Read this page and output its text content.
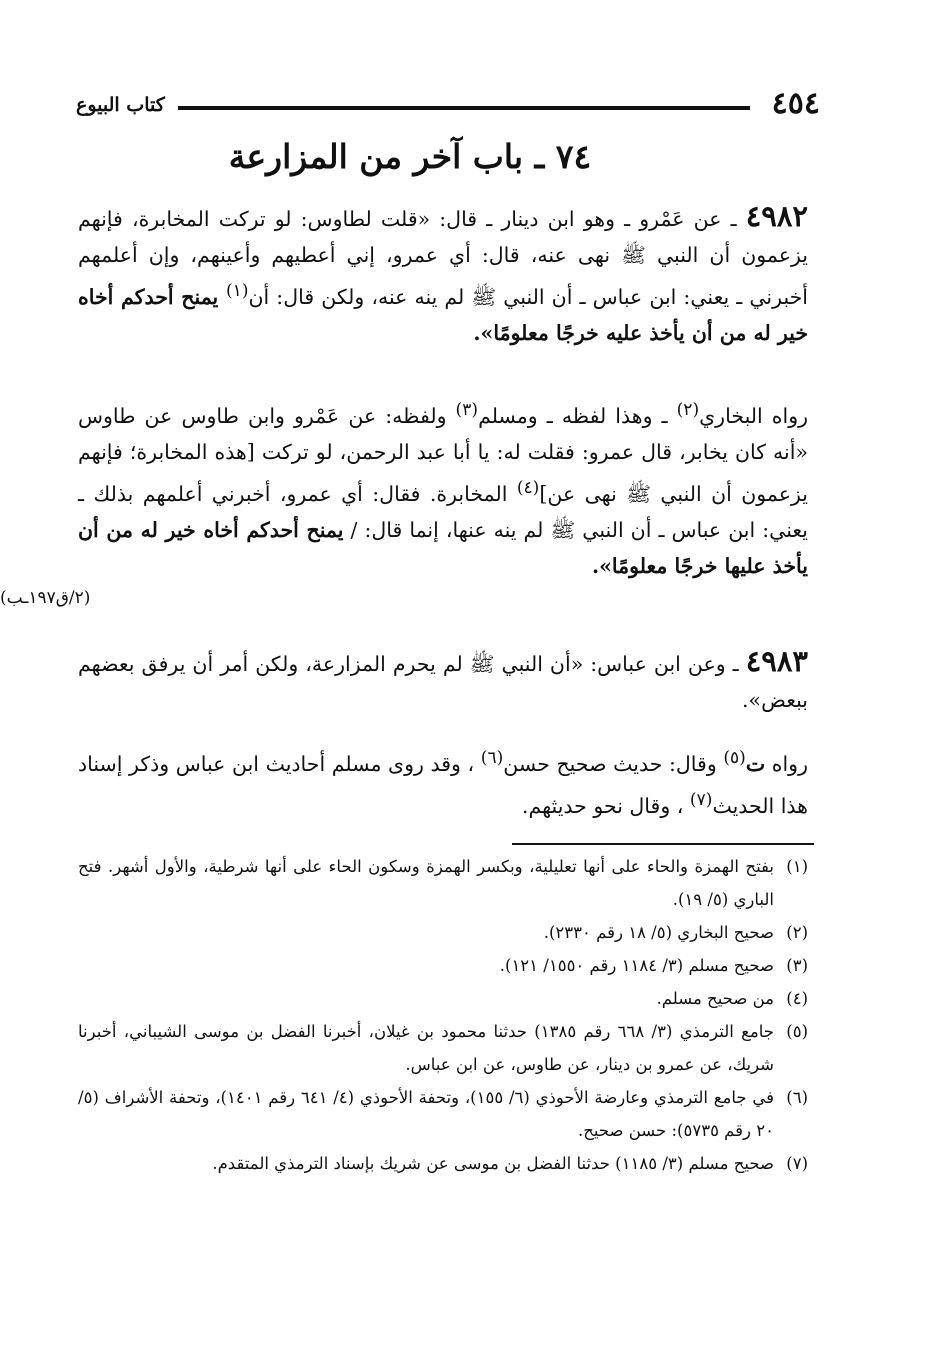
٤٥٤
كتاب البيوع
٧٤ ـ باب آخر من المزارعة
٤٩٨٢ ـ عن عَمْرو ـ وهو ابن دينار ـ قال: «قلت لطاوس: لو تركت المخابرة، فإنهم يزعمون أن النبي ﷺ نهى عنه، قال: أي عمرو، إني أعطيهم وأعينهم، وإن أعلمهم أخبرني ـ يعني: ابن عباس ـ أن النبي ﷺ لم ينه عنه، ولكن قال: أن$^{(١)}$ يمنح أحدكم أخاه خير له من أن يأخذ عليه خرجًا معلومًا».
رواه البخاري$^{(٢)}$ ـ وهذا لفظه ـ ومسلم$^{(٣)}$ ولفظه: عن عَمْرو وابن طاوس عن طاوس «أنه كان يخابر، قال عمرو: فقلت له: يا أبا عبد الرحمن، لو تركت [هذه المخابرة؛ فإنهم يزعمون أن النبي ﷺ نهى عن]$^{(٤)}$ المخابرة. فقال: أي عمرو، أخبرني أعلمهم بذلك ـ يعني: ابن عباس ـ أن النبي ﷺ لم ينه عنها، إنما قال: / يمنح أحدكم أخاه خير له من أن يأخذ عليها خرجًا معلومًا».
(٢/ق١٩٧ـب)
٤٩٨٣ ـ وعن ابن عباس: «أن النبي ﷺ لم يحرم المزارعة، ولكن أمر أن يرفق بعضهم ببعض».
رواه ت$^{(٥)}$ وقال: حديث صحيح حسن$^{(٦)}$ ، وقد روى مسلم أحاديث ابن عباس وذكر إسناد هذا الحديث$^{(٧)}$ ، وقال نحو حديثهم.
(١)
بفتح الهمزة والحاء على أنها تعليلية، وبكسر الهمزة وسكون الحاء على أنها شرطية، والأول أشهر. فتح الباري (٥/ ١٩).
(٢)
صحيح البخاري (٥/ ١٨ رقم ٢٣٣٠).
(٣)
صحيح مسلم (٣/ ١١٨٤ رقم ١٥٥٠/ ١٢١).
(٤)
من صحيح مسلم.
(٥)
جامع الترمذي (٣/ ٦٦٨ رقم ١٣٨٥) حدثنا محمود بن غيلان، أخبرنا الفضل بن موسى الشيباني، أخبرنا شريك، عن عمرو بن دينار، عن طاوس، عن ابن عباس.
(٦)
في جامع الترمذي وعارضة الأحوذي (٦/ ١٥٥)، وتحفة الأحوذي (٤/ ٦٤١ رقم ١٤٠١)، وتحفة الأشراف (٥/ ٢٠ رقم ٥٧٣٥): حسن صحيح.
(٧)
صحيح مسلم (٣/ ١١٨٥) حدثنا الفضل بن موسى عن شريك بإسناد الترمذي المتقدم.
